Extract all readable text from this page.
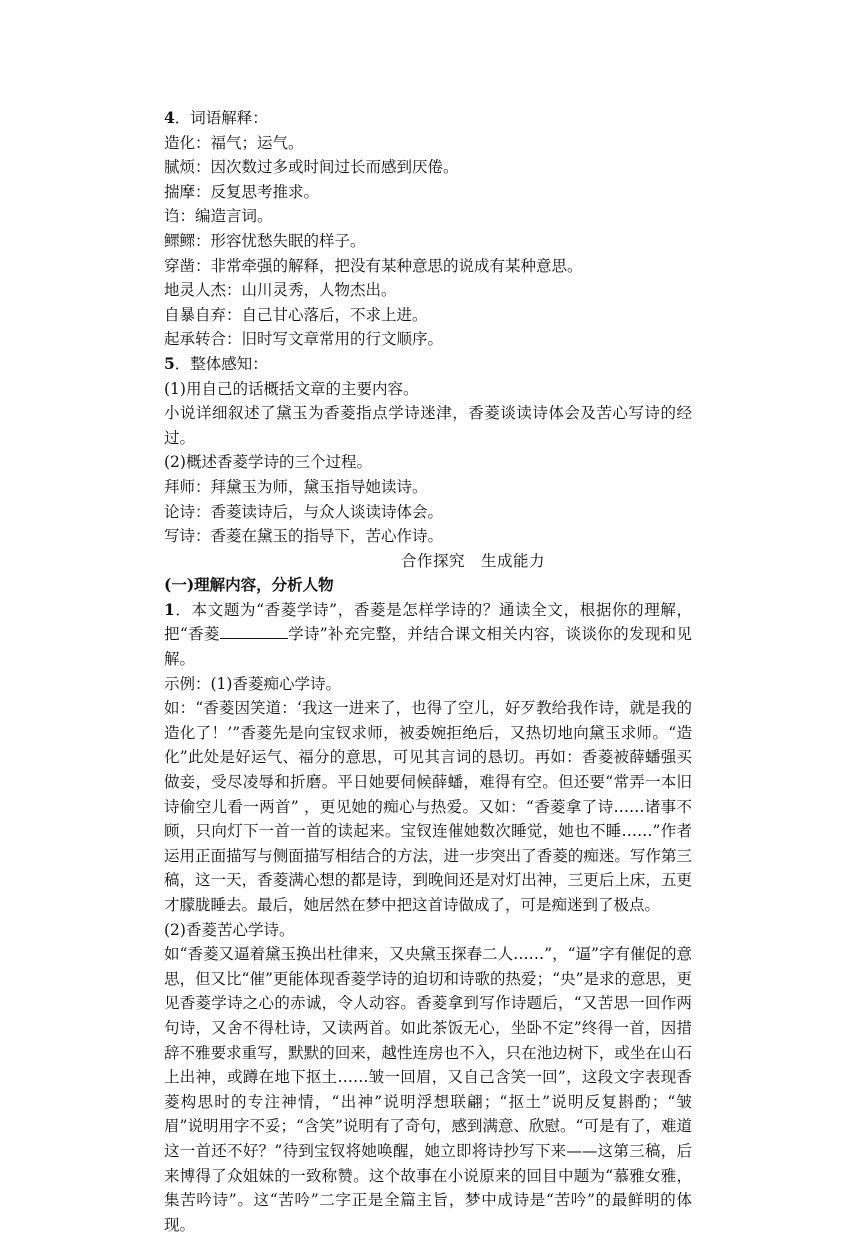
4．词语解释：
造化：福气；运气。
腻烦：因次数过多或时间过长而感到厌倦。
揣摩：反复思考推求。
诌：编造言词。
鳏鳏：形容忧愁失眠的样子。
穿凿：非常牵强的解释，把没有某种意思的说成有某种意思。
地灵人杰：山川灵秀，人物杰出。
自暴自弃：自己甘心落后，不求上进。
起承转合：旧时写文章常用的行文顺序。
5．整体感知：
(1)用自己的话概括文章的主要内容。
小说详细叙述了黛玉为香菱指点学诗迷津，香菱谈读诗体会及苦心写诗的经过。
(2)概述香菱学诗的三个过程。
拜师：拜黛玉为师，黛玉指导她读诗。
论诗：香菱读诗后，与众人谈读诗体会。
写诗：香菱在黛玉的指导下，苦心作诗。
合作探究　生成能力
(一)理解内容，分析人物
1．本文题为“香菱学诗”，香菱是怎样学诗的？通读全文，根据你的理解，把“香菱	学诗”补充完整，并结合课文相关内容，谈谈你的发现和见解。
示例：(1)香菱痴心学诗。
如：“香菱因笑道：‘我这一进来了，也得了空儿，好歹教给我作诗，就是我的造化了！’”香菱先是向宝钗求师，被委婉拒绝后，又热切地向黛玉求师。“造化”此处是好运气、福分的意思，可见其言词的恳切。再如：香菱被薛蟠强买做妾，受尽凌辱和折磨。平日她要伺候薛蟠，难得有空。但还要“常弄一本旧诗偷空儿看一两首” ，更见她的痴心与热爱。又如：“香菱拿了诗……诸事不顾，只向灯下一首一首的读起来。宝钗连催她数次睡觉，她也不睡……”作者运用正面描写与侧面描写相结合的方法，进一步突出了香菱的痴迷。写作第三稿，这一天，香菱满心想的都是诗，到晚间还是对灯出神，三更后上床，五更才朦胧睡去。最后，她居然在梦中把这首诗做成了，可是痴迷到了极点。
(2)香菱苦心学诗。
如“香菱又逼着黛玉换出杜律来，又央黛玉探春二人……”，“逼”字有催促的意思，但又比“催”更能体现香菱学诗的迫切和诗歌的热爱；“央”是求的意思，更见香菱学诗之心的赤诚，令人动容。香菱拿到写作诗题后，“又苦思一回作两句诗，又舍不得杜诗，又读两首。如此茶饭无心，坐卧不定”终得一首，因措辞不雅要求重写，默默的回来，越性连房也不入，只在池边树下，或坐在山石上出神，或蹲在地下抠土……皱一回眉，又自己含笑一回”，这段文字表现香菱构思时的专注神情，“出神”说明浮想联翩；“抠土”说明反复斟酌；“皱眉”说明用字不妥；“含笑”说明有了奇句，感到满意、欣慰。“可是有了，难道这一首还不好？”待到宝钗将她唤醒，她立即将诗抄写下来——这第三稿，后来博得了众姐妹的一致称赞。这个故事在小说原来的回目中题为“慕雅女雅，集苦吟诗”。这“苦吟”二字正是全篇主旨，梦中成诗是“苦吟”的最鲜明的体现。
